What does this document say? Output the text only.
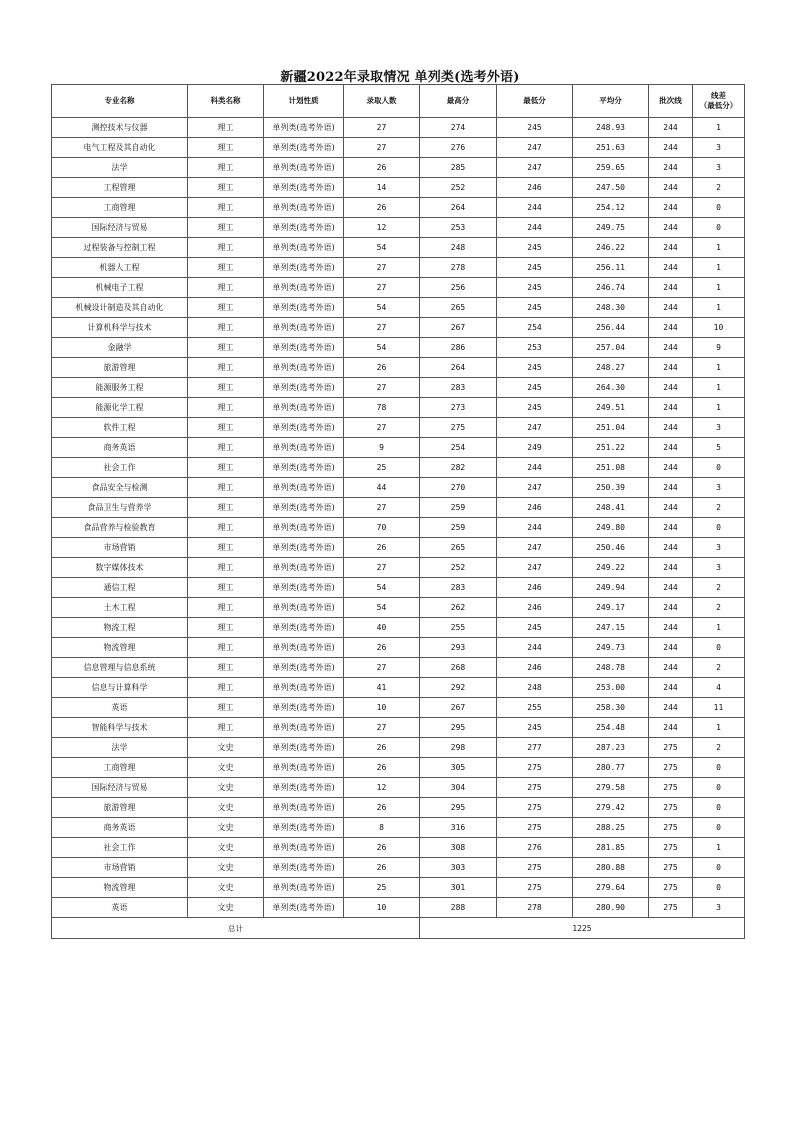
新疆2022年录取情况 单列类(选考外语)
专业名称	科类名称	计划性质	录取人数	最高分	最低分	平均分	批次线	线差
（最低分）
测控技术与仪器	理工	单列类(选考外语)	27	274	245	248.93	244	1
电气工程及其自动化	理工	单列类(选考外语)	27	276	247	251.63	244	3
法学	理工	单列类(选考外语)	26	285	247	259.65	244	3
工程管理	理工	单列类(选考外语)	14	252	246	247.50	244	2
工商管理	理工	单列类(选考外语)	26	264	244	254.12	244	0
国际经济与贸易	理工	单列类(选考外语)	12	253	244	249.75	244	0
过程装备与控制工程	理工	单列类(选考外语)	54	248	245	246.22	244	1
机器人工程	理工	单列类(选考外语)	27	278	245	256.11	244	1
机械电子工程	理工	单列类(选考外语)	27	256	245	246.74	244	1
机械设计制造及其自动化	理工	单列类(选考外语)	54	265	245	248.30	244	1
计算机科学与技术	理工	单列类(选考外语)	27	267	254	256.44	244	10
金融学	理工	单列类(选考外语)	54	286	253	257.04	244	9
旅游管理	理工	单列类(选考外语)	26	264	245	248.27	244	1
能源服务工程	理工	单列类(选考外语)	27	283	245	264.30	244	1
能源化学工程	理工	单列类(选考外语)	78	273	245	249.51	244	1
软件工程	理工	单列类(选考外语)	27	275	247	251.04	244	3
商务英语	理工	单列类(选考外语)	9	254	249	251.22	244	5
社会工作	理工	单列类(选考外语)	25	282	244	251.08	244	0
食品安全与检测	理工	单列类(选考外语)	44	270	247	250.39	244	3
食品卫生与营养学	理工	单列类(选考外语)	27	259	246	248.41	244	2
食品营养与检验教育	理工	单列类(选考外语)	70	259	244	249.80	244	0
市场营销	理工	单列类(选考外语)	26	265	247	250.46	244	3
数字媒体技术	理工	单列类(选考外语)	27	252	247	249.22	244	3
通信工程	理工	单列类(选考外语)	54	283	246	249.94	244	2
土木工程	理工	单列类(选考外语)	54	262	246	249.17	244	2
物流工程	理工	单列类(选考外语)	40	255	245	247.15	244	1
物流管理	理工	单列类(选考外语)	26	293	244	249.73	244	0
信息管理与信息系统	理工	单列类(选考外语)	27	268	246	248.78	244	2
信息与计算科学	理工	单列类(选考外语)	41	292	248	253.00	244	4
英语	理工	单列类(选考外语)	10	267	255	258.30	244	11
智能科学与技术	理工	单列类(选考外语)	27	295	245	254.48	244	1
法学	文史	单列类(选考外语)	26	298	277	287.23	275	2
工商管理	文史	单列类(选考外语)	26	305	275	280.77	275	0
国际经济与贸易	文史	单列类(选考外语)	12	304	275	279.58	275	0
旅游管理	文史	单列类(选考外语)	26	295	275	279.42	275	0
商务英语	文史	单列类(选考外语)	8	316	275	288.25	275	0
社会工作	文史	单列类(选考外语)	26	308	276	281.85	275	1
市场营销	文史	单列类(选考外语)	26	303	275	280.88	275	0
物流管理	文史	单列类(选考外语)	25	301	275	279.64	275	0
英语	文史	单列类(选考外语)	10	288	278	280.90	275	3
总计				1225				
